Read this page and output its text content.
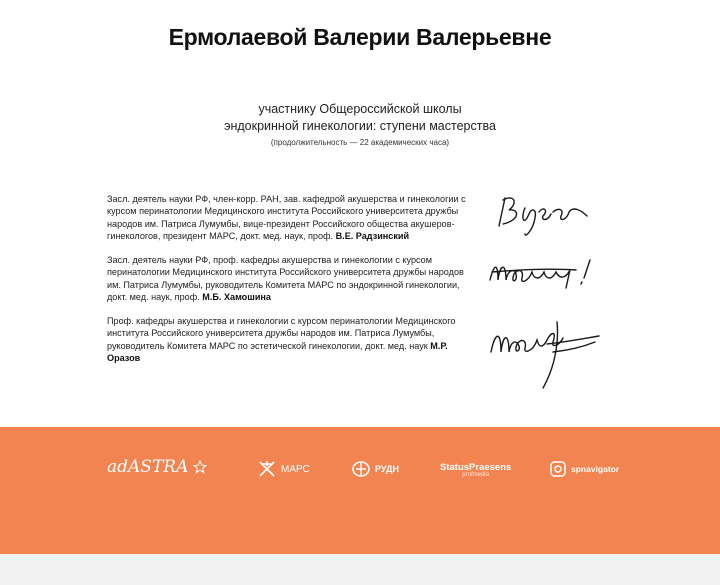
Ермолаевой Валерии Валерьевне
участнику Общероссийской школы
эндокринной гинекологии: ступени мастерства
(продолжительность — 22 академических часа)
Засл. деятель науки РФ, член-корр. РАН, зав. кафедрой акушерства и гинекологии с курсом перинатологии Медицинского института Российского университета дружбы народов им. Патриса Лумумбы, вице-президент Российского общества акушеров-гинекологов, президент МАРС, докт. мед. наук, проф. В.Е. Радзинский
Засл. деятель науки РФ, проф. кафедры акушерства и гинекологии с курсом перинатологии Медицинского института Российского университета дружбы народов им. Патриса Лумумбы, руководитель Комитета МАРС по эндокринной гинекологии, докт. мед. наук, проф. М.Б. Хамошина
Проф. кафедры акушерства и гинекологии с курсом перинатологии Медицинского института Российского университета дружбы народов им. Патриса Лумумбы, руководитель Комитета МАРС по эстетической гинекологии, докт. мед. наук М.Р. Оразов
adASTRA	МАРС	РУДН	StatusPraesens
profmedia
spnavigator
